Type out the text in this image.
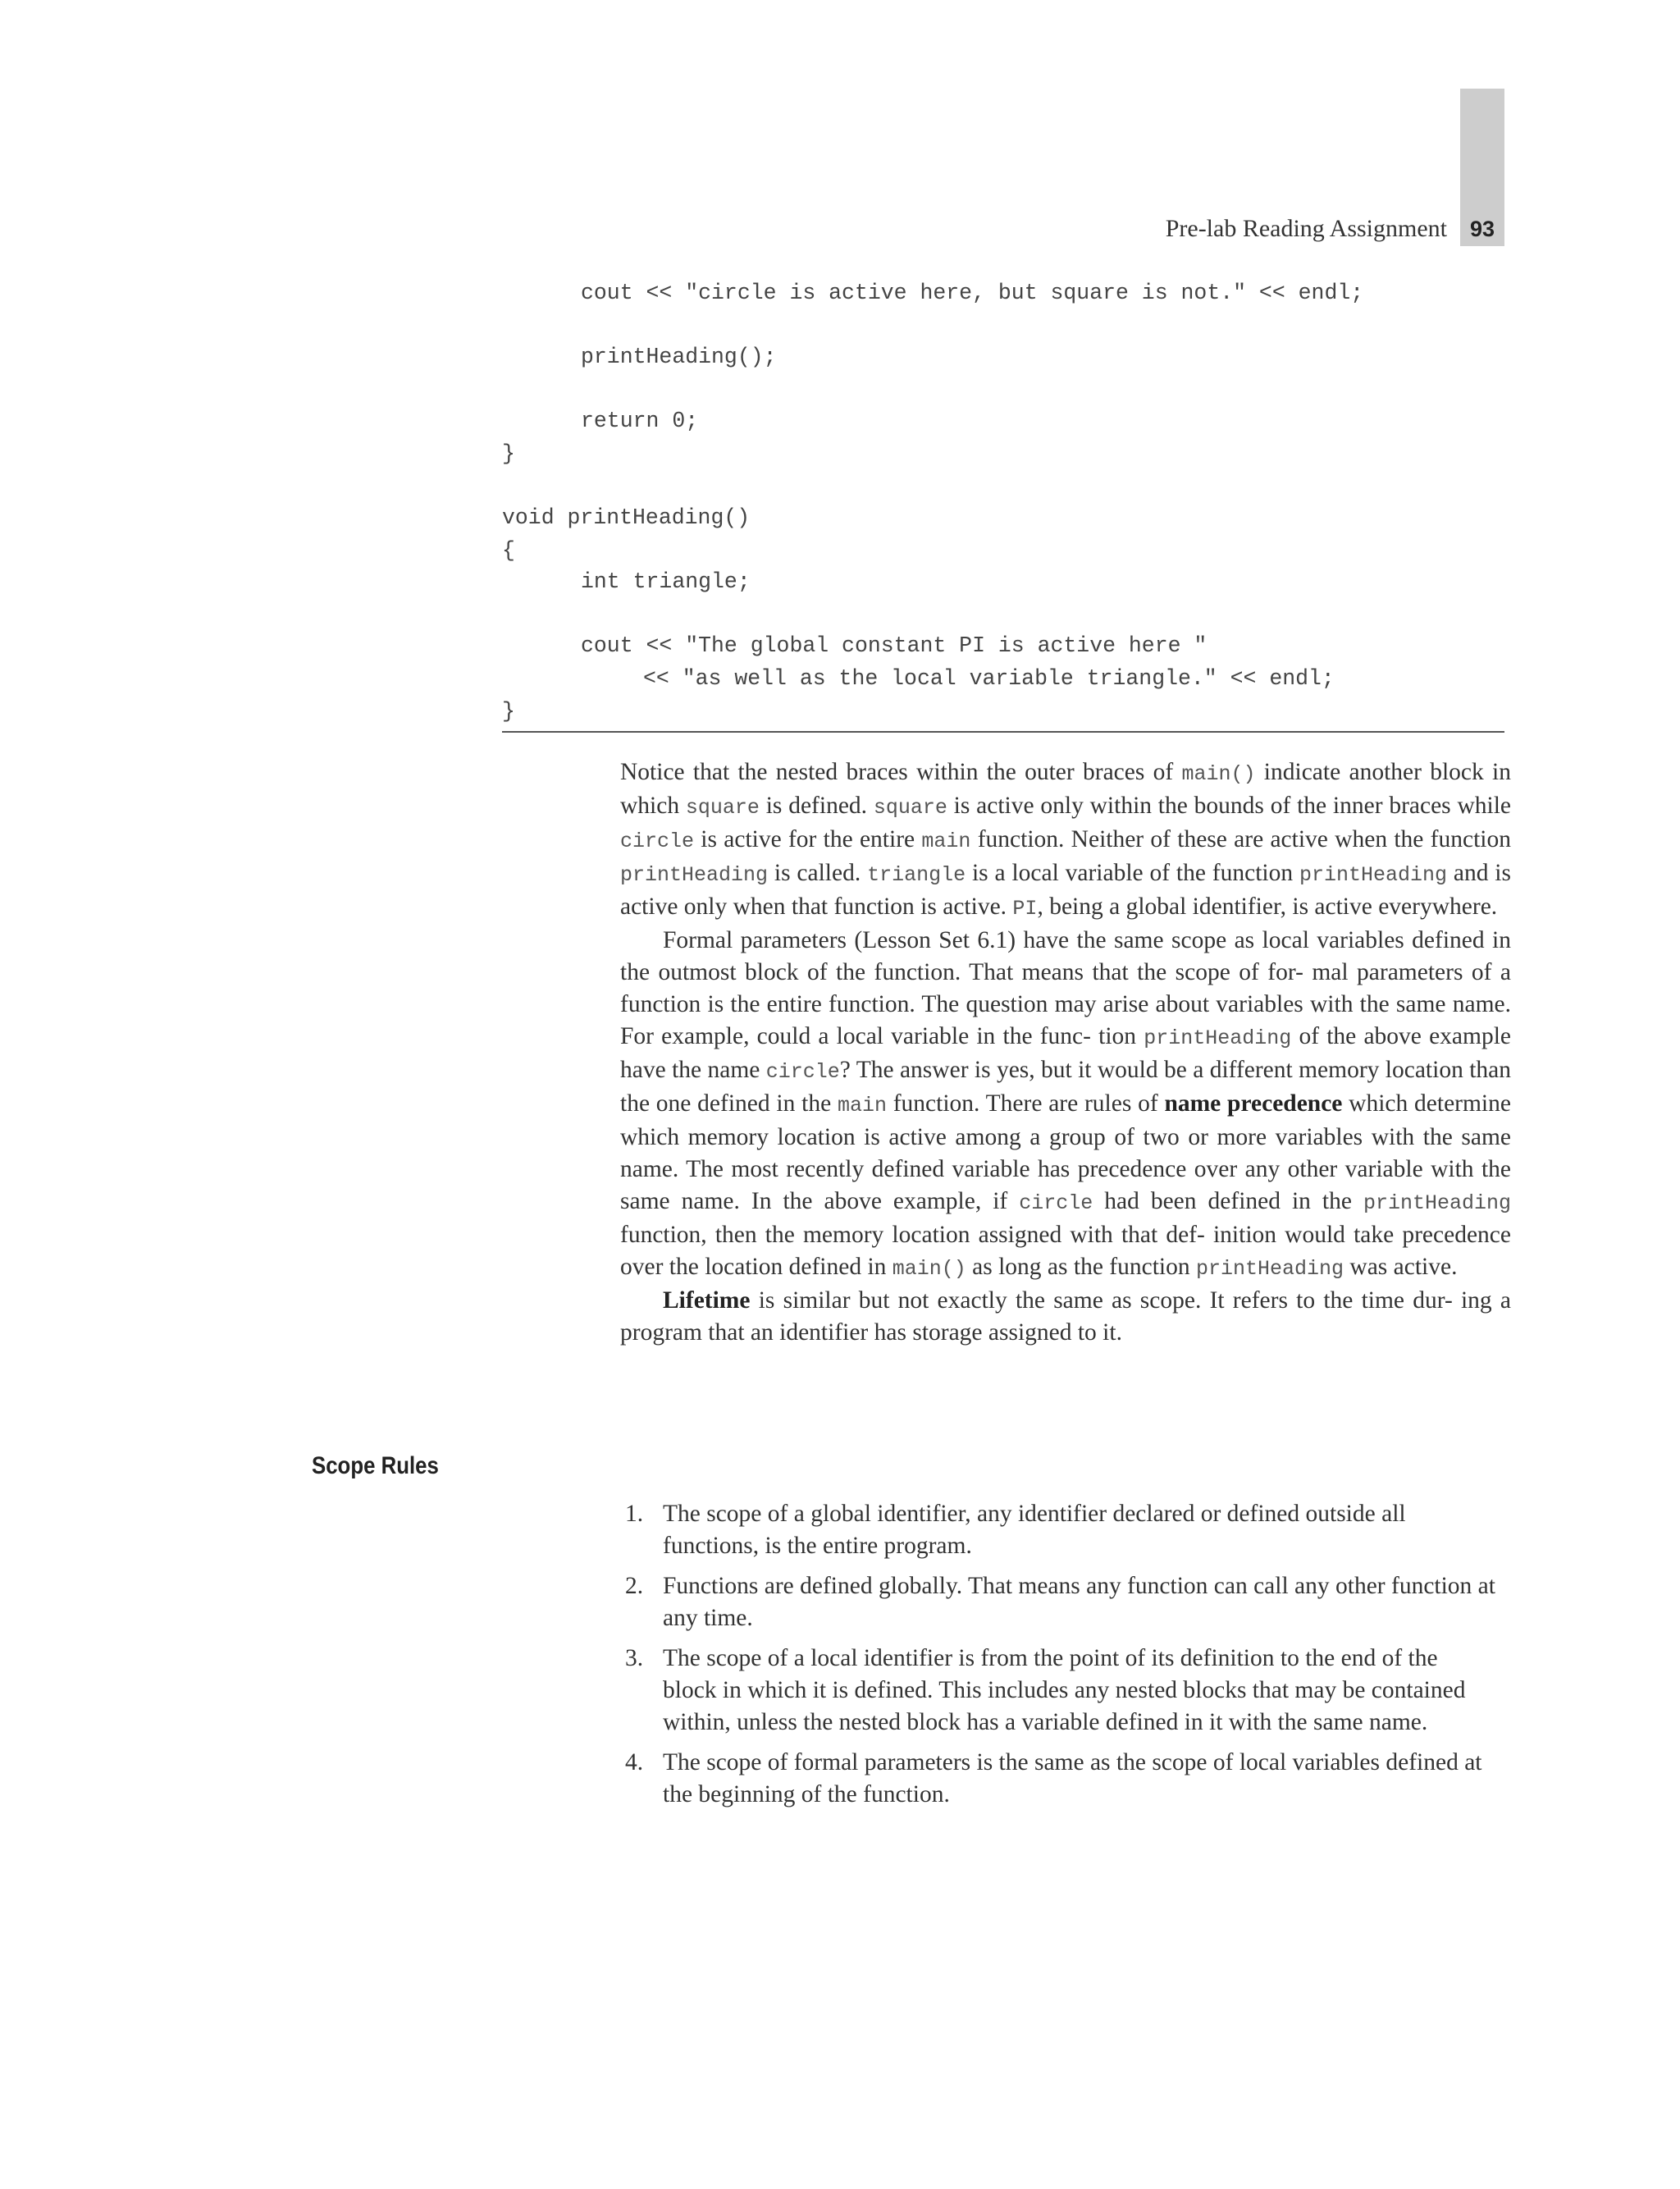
93
Pre-lab Reading Assignment
cout << "circle is active here, but square is not." << endl;
printHeading();
return 0;
}
void printHeading()
{
int triangle;
cout << "The global constant PI is active here "
<< "as well as the local variable triangle." << endl;
}

Notice that the nested braces within the outer braces of main() indicate another block in which square is defined. square is active only within the bounds of the inner braces while circle is active for the entire main function. Neither of these are active when the function printHeading is called. triangle is a local variable of the function printHeading and is active only when that function is active. PI, being a global identifier, is active everywhere.

Formal parameters (Lesson Set 6.1) have the same scope as local variables defined in the outmost block of the function. That means that the scope of for- mal parameters of a function is the entire function. The question may arise about variables with the same name. For example, could a local variable in the func- tion printHeading of the above example have the name circle? The answer is yes, but it would be a different memory location than the one defined in the main function. There are rules of name precedence which determine which memory location is active among a group of two or more variables with the same name. The most recently defined variable has precedence over any other variable with the same name. In the above example, if circle had been defined in the printHeading function, then the memory location assigned with that def- inition would take precedence over the location defined in main() as long as the function printHeading was active.

Lifetime is similar but not exactly the same as scope. It refers to the time dur- ing a program that an identifier has storage assigned to it.

Scope Rules
1. The scope of a global identifier, any identifier declared or defined outside all functions, is the entire program.
2. Functions are defined globally. That means any function can call any other function at any time.
3. The scope of a local identifier is from the point of its definition to the end of the block in which it is defined. This includes any nested blocks that may be contained within, unless the nested block has a variable defined in it with the same name.
4. The scope of formal parameters is the same as the scope of local variables defined at the beginning of the function.
